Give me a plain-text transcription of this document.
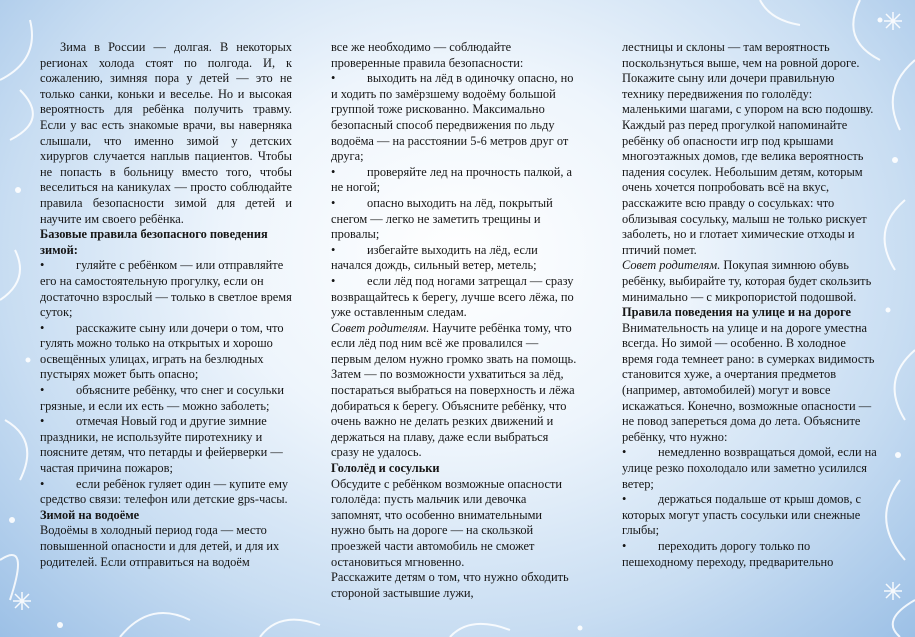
Зима в России — долгая. В некоторых регионах холода стоят по полгода. И, к сожалению, зимняя пора у детей — это не только санки, коньки и веселье. Но и высокая вероятность для ребёнка получить травму. Если у вас есть знакомые врачи, вы наверняка слышали, что именно зимой у детских хирургов случается наплыв пациентов. Чтобы не попасть в больницу вместо того, чтобы веселиться на каникулах — просто соблюдайте правила безопасности зимой для детей и научите им своего ребёнка.

Базовые правила безопасного поведения зимой:

•	гуляйте с ребёнком — или отправляйте его на самостоятельную прогулку, если он достаточно взрослый — только в светлое время суток;

•	расскажите сыну или дочери о том, что гулять можно только на открытых и хорошо освещённых улицах, играть на безлюдных пустырях может быть опасно;

•	объясните ребёнку, что снег и сосульки грязные, и если их есть — можно заболеть;

•	отмечая Новый год и другие зимние праздники, не используйте пиротехнику и поясните детям, что петарды и фейерверки — частая причина пожаров;

•	если ребёнок гуляет один — купите ему средство связи: телефон или детские gps-часы.

Зимой на водоёме

Водоёмы в холодный период года — место повышенной опасности и для детей, и для их родителей. Если отправиться на водоём

все же необходимо — соблюдайте проверенные правила безопасности:

•	выходить на лёд в одиночку опасно, но и ходить по замёрзшему водоёму большой группой тоже рискованно. Максимально безопасный способ передвижения по льду водоёма — на расстоянии 5-6 метров друг от друга;

•	проверяйте лед на прочность палкой, а не ногой;

•	опасно выходить на лёд, покрытый снегом — легко не заметить трещины и провалы;

•	избегайте выходить на лёд, если начался дождь, сильный ветер, метель;

•	если лёд под ногами затрещал — сразу возвращайтесь к берегу, лучше всего лёжа, по уже оставленным следам.

Совет родителям. Научите ребёнка тому, что если лёд под ним всё же провалился — первым делом нужно громко звать на помощь. Затем — по возможности ухватиться за лёд, постараться выбраться на поверхность и лёжа добираться к берегу. Объясните ребёнку, что очень важно не делать резких движений и держаться на плаву, даже если выбраться сразу не удалось.

Гололёд и сосульки

Обсудите с ребёнком возможные опасности гололёда: пусть мальчик или девочка запомнят, что особенно внимательными нужно быть на дороге — на скользкой проезжей части автомобиль не сможет остановиться мгновенно.

Расскажите детям о том, что нужно обходить стороной застывшие лужи,

лестницы и склоны — там вероятность поскользнуться выше, чем на ровной дороге. Покажите сыну или дочери правильную технику передвижения по гололёду: маленькими шагами, с упором на всю подошву.

Каждый раз перед прогулкой напоминайте ребёнку об опасности игр под крышами многоэтажных домов, где велика вероятность падения сосулек. Небольшим детям, которым очень хочется попробовать всё на вкус, расскажите всю правду о сосульках: что облизывая сосульку, малыш не только рискует заболеть, но и глотает химические отходы и птичий помет.

Совет родителям. Покупая зимнюю обувь ребёнку, выбирайте ту, которая будет скользить минимально — с микропористой подошвой.

Правила поведения на улице и на дороге

Внимательность на улице и на дороге уместна всегда. Но зимой — особенно. В холодное время года темнеет рано: в сумерках видимость становится хуже, а очертания предметов (например, автомобилей) могут и вовсе искажаться. Конечно, возможные опасности — не повод запереться дома до лета. Объясните ребёнку, что нужно:

•	немедленно возвращаться домой, если на улице резко похолодало или заметно усилился ветер;

•	держаться подальше от крыш домов, с которых могут упасть сосульки или снежные глыбы;

•	переходить дорогу только по пешеходному переходу, предварительно
